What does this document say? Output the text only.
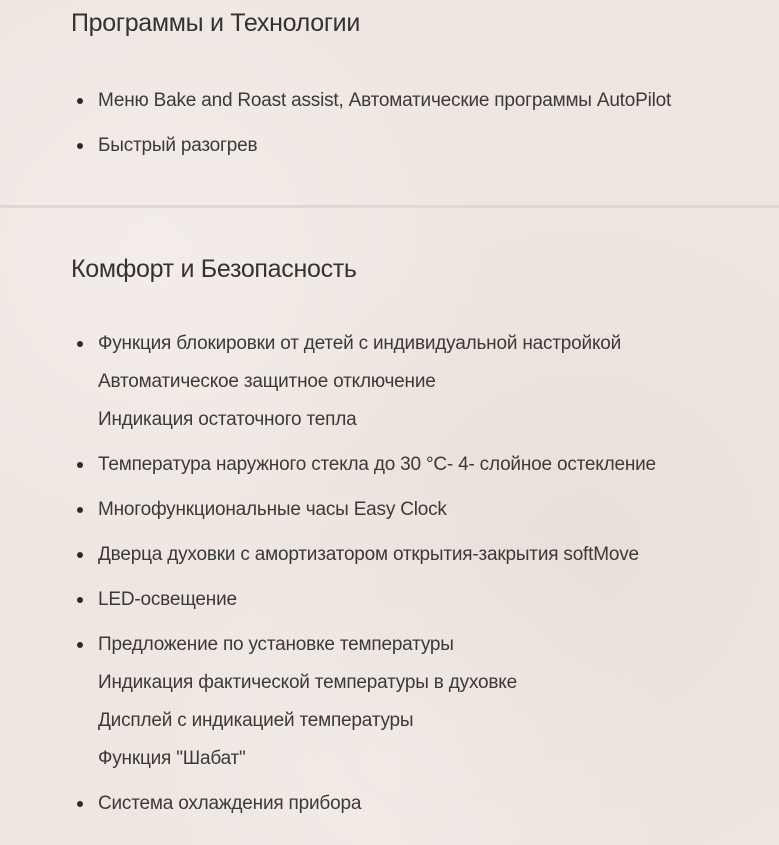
Программы и Технологии
Меню Bake and Roast assist, Автоматические программы AutoPilot
Быстрый разогрев
Комфорт и Безопасность
Функция блокировки от детей с индивидуальной настройкой
Автоматическое защитное отключение
Индикация остаточного тепла
Температура наружного стекла до 30 °C- 4- слойное остекление
Многофункциональные часы Easy Clock
Дверца духовки с амортизатором открытия-закрытия softMove
LED-освещение
Предложение по установке температуры
Индикация фактической температуры в духовке
Дисплей с индикацией температуры
Функция "Шабат"
Система охлаждения прибора
